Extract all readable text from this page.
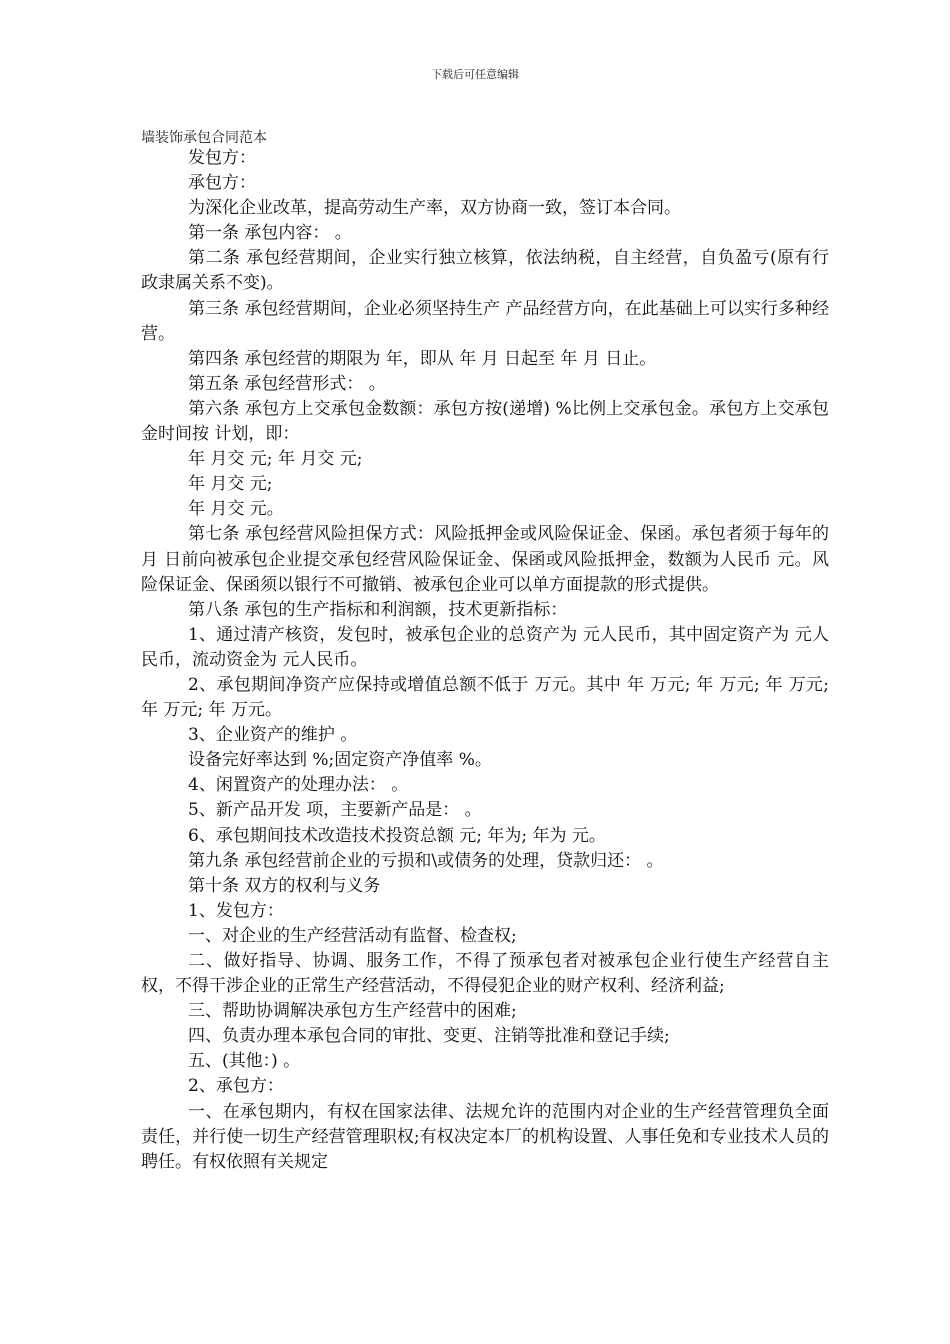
下载后可任意编辑
墙装饰承包合同范本

发包方：

承包方：

为深化企业改革，提高劳动生产率，双方协商一致，签订本合同。

第一条 承包内容： 。

第二条 承包经营期间，企业实行独立核算，依法纳税，自主经营，自负盈亏(原有行政隶属关系不变)。

第三条 承包经营期间，企业必须坚持生产 产品经营方向，在此基础上可以实行多种经营。

第四条 承包经营的期限为 年，即从 年 月 日起至 年 月 日止。

第五条 承包经营形式： 。

第六条 承包方上交承包金数额：承包方按(递增) %比例上交承包金。承包方上交承包金时间按 计划，即：

年 月交 元; 年 月交 元;

年 月交 元;

年 月交 元。

第七条 承包经营风险担保方式：风险抵押金或风险保证金、保函。承包者须于每年的 月 日前向被承包企业提交承包经营风险保证金、保函或风险抵押金，数额为人民币 元。风险保证金、保函须以银行不可撤销、被承包企业可以单方面提款的形式提供。

第八条 承包的生产指标和利润额，技术更新指标：

1、通过清产核资，发包时，被承包企业的总资产为 元人民币，其中固定资产为 元人民币，流动资金为 元人民币。

2、承包期间净资产应保持或增值总额不低于 万元。其中 年 万元; 年 万元; 年 万元; 年 万元; 年 万元。

3、企业资产的维护 。

设备完好率达到 %;固定资产净值率 %。

4、闲置资产的处理办法： 。

5、新产品开发 项，主要新产品是： 。

6、承包期间技术改造技术投资总额 元; 年为; 年为 元。

第九条 承包经营前企业的亏损和\或债务的处理，贷款归还： 。

第十条 双方的权利与义务

1、发包方：

一、对企业的生产经营活动有监督、检查权;

二、做好指导、协调、服务工作，不得了预承包者对被承包企业行使生产经营自主权，不得干涉企业的正常生产经营活动，不得侵犯企业的财产权利、经济利益;

三、帮助协调解决承包方生产经营中的困难;

四、负责办理本承包合同的审批、变更、注销等批准和登记手续;

五、(其他：) 。

2、承包方：

一、在承包期内，有权在国家法律、法规允许的范围内对企业的生产经营管理负全面责任，并行使一切生产经营管理职权;有权决定本厂的机构设置、人事任免和专业技术人员的聘任。有权依照有关规定
